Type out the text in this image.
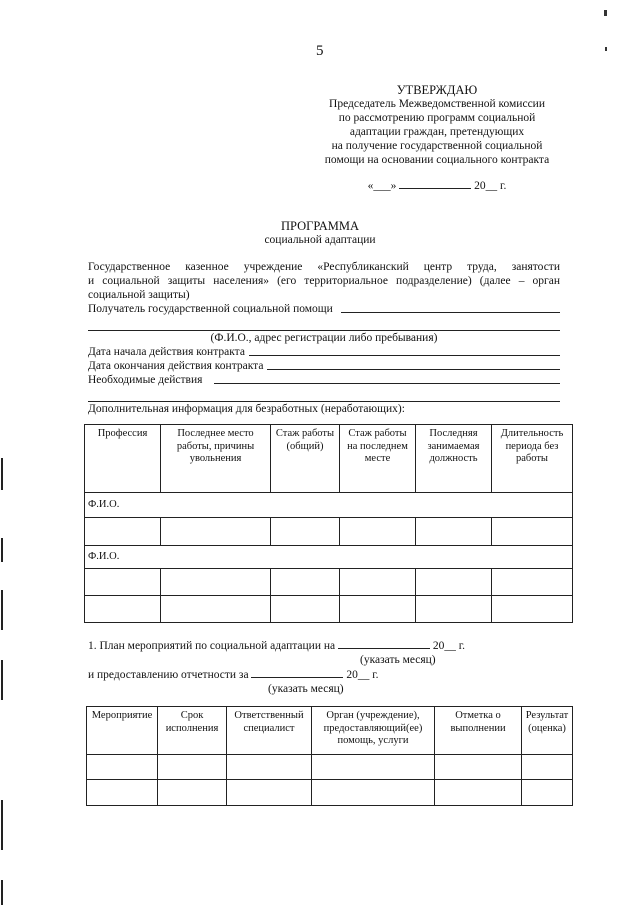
5
УТВЕРЖДАЮ
Председатель Межведомственной комиссии
по рассмотрению программ социальной
адаптации граждан, претендующих
на получение государственной социальной
помощи на основании социального контракта
«___»	20__ г.
ПРОГРАММА
социальной адаптации
Государственное казенное учреждение «Республиканский центр труда, занятости
и социальной защиты населения» (его территориальное подразделение) (далее – орган
социальной защиты)
Получатель государственной социальной помощи
(Ф.И.О., адрес регистрации либо пребывания)
Дата начала действия контракта
Дата окончания действия контракта
Необходимые действия
Дополнительная информация для безработных (неработающих):
Профессия	Последнее место работы, причины увольнения	Стаж работы (общий)	Стаж работы на последнем месте	Последняя занимаемая должность	Длительность периода без работы
Ф.И.О.					

Ф.И.О.					

1. План мероприятий по социальной адаптации на	20__ г.
(указать месяц)
и предоставлению отчетности за	20__ г.
(указать месяц)
Мероприятие	Срок исполнения	Ответственный специалист	Орган (учреждение), предоставляющий(ее) помощь, услуги	Отметка о выполнении	Результат (оценка)
